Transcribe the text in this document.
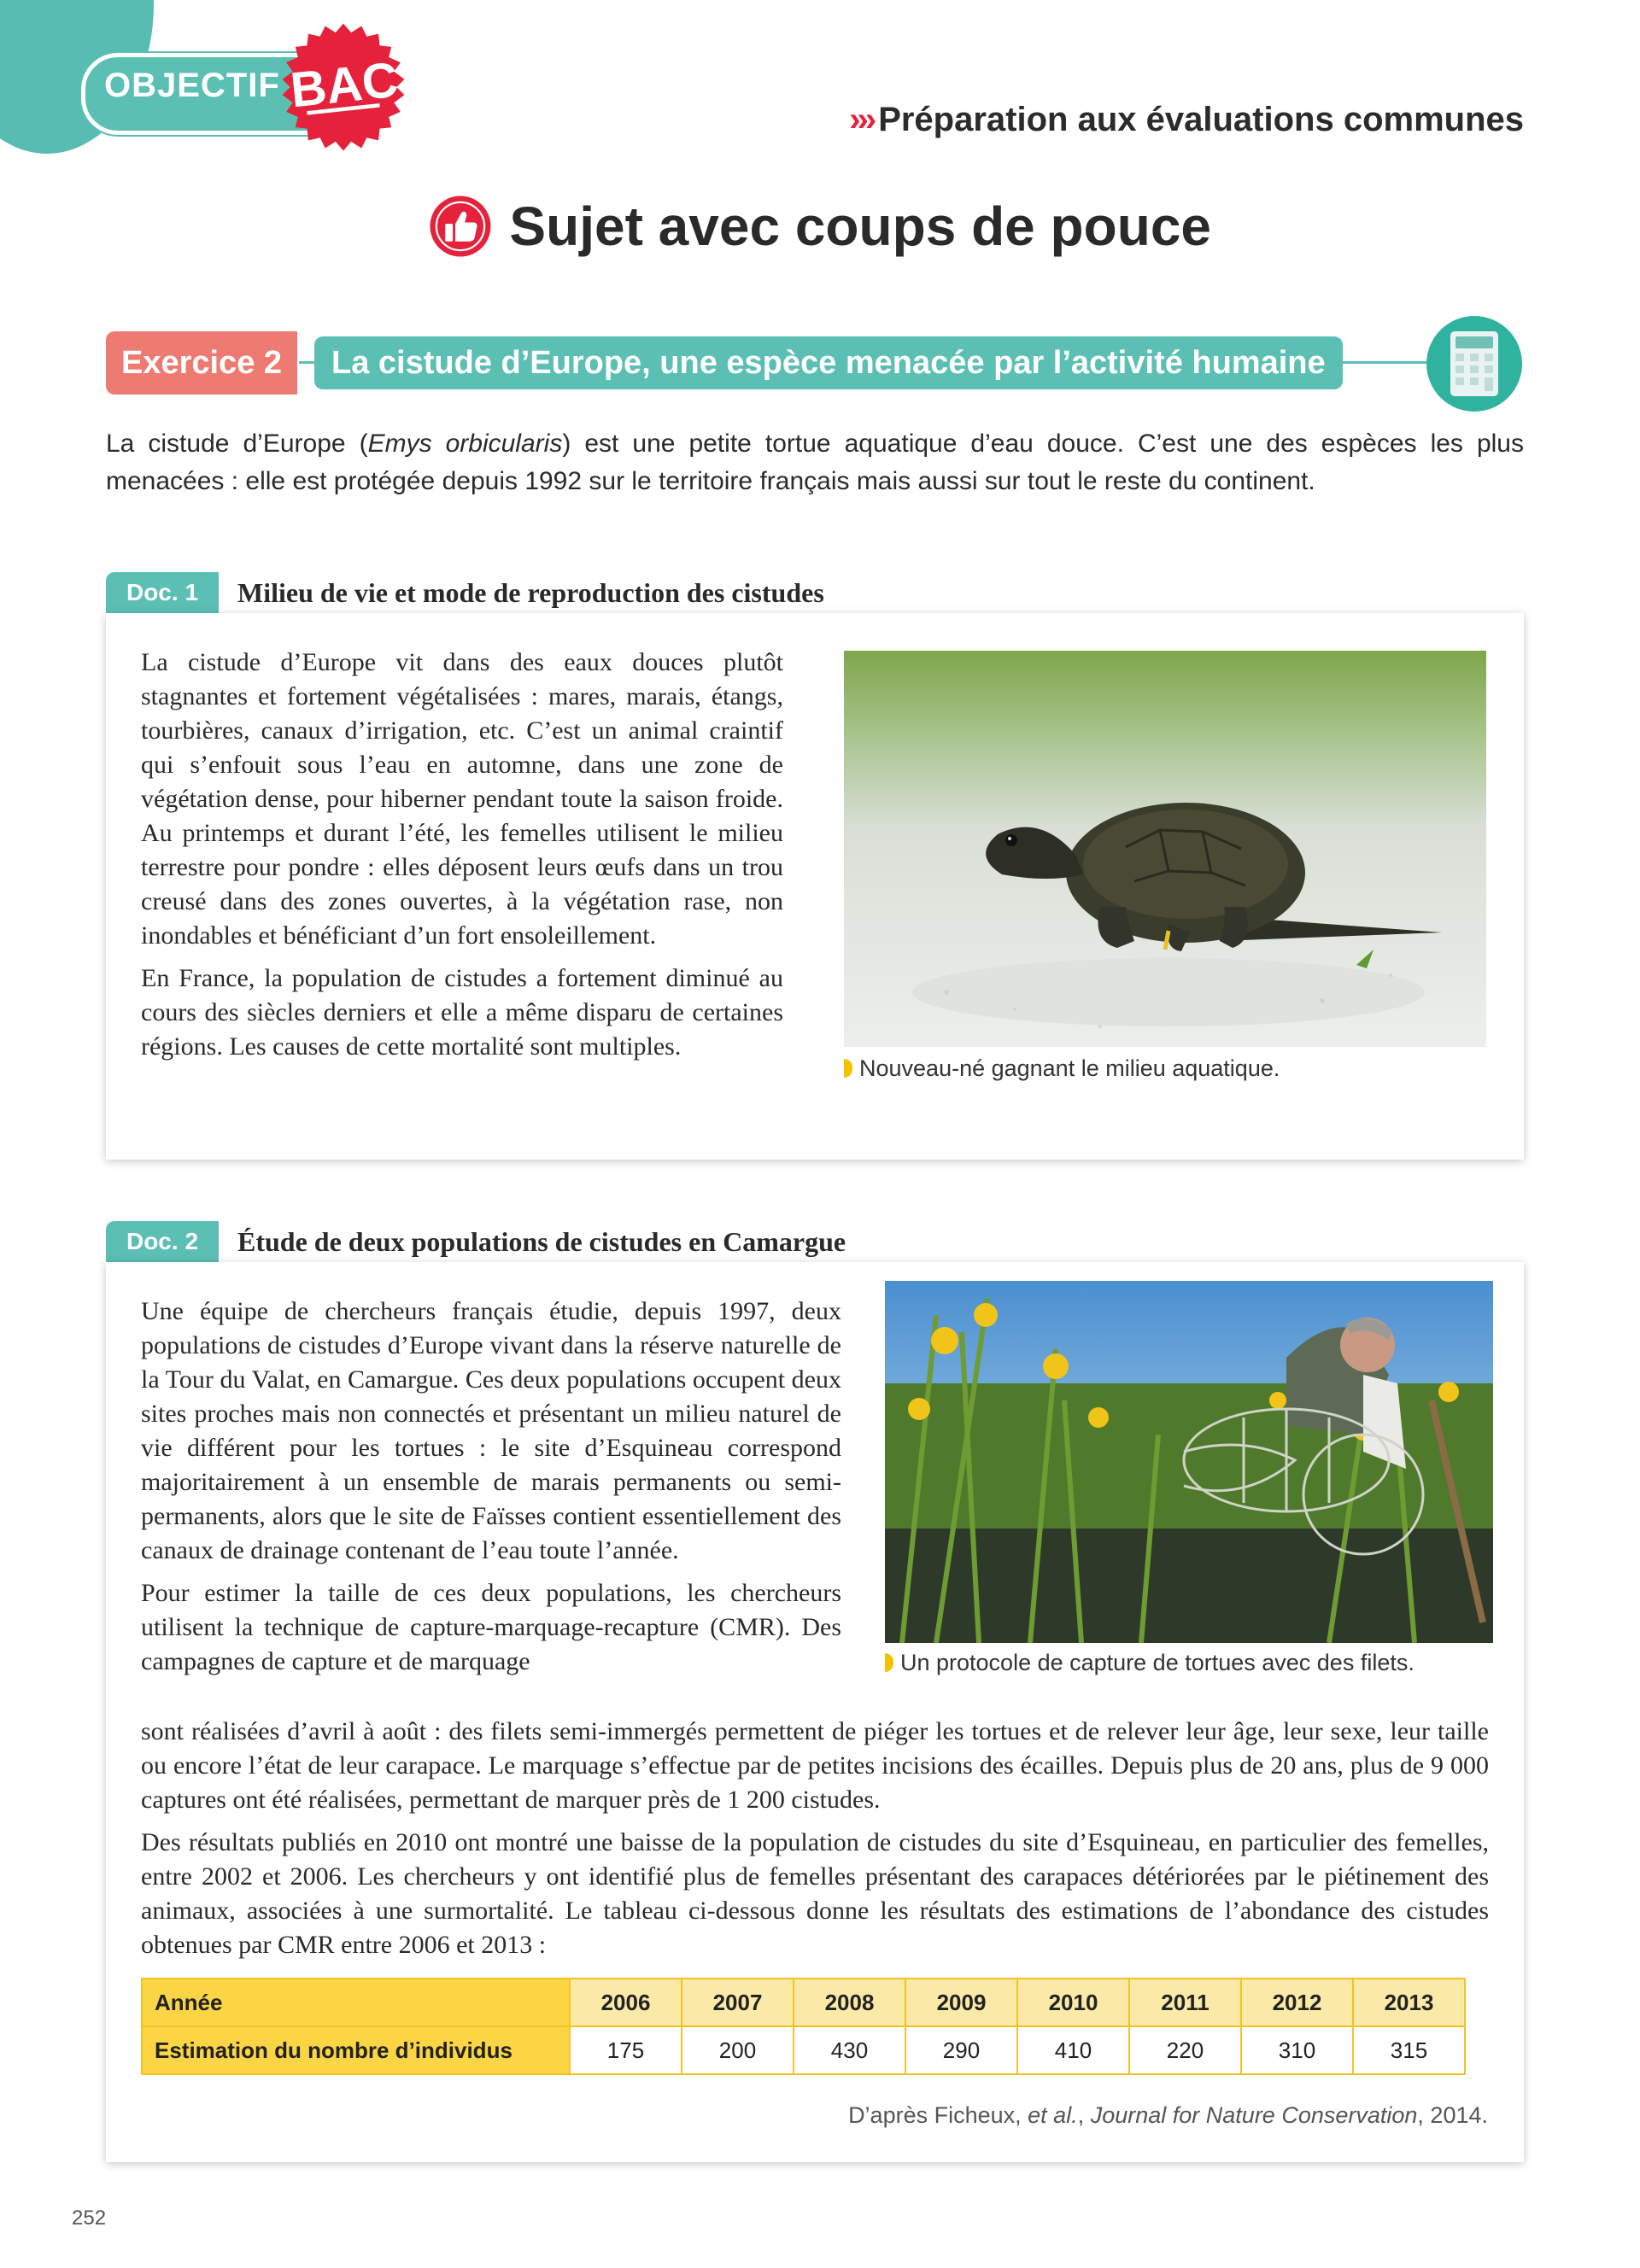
OBJECTIF BAC
››› Préparation aux évaluations communes
Sujet avec coups de pouce
Exercice 2	La cistude d’Europe, une espèce menacée par l’activité humaine
La cistude d’Europe (Emys orbicularis) est une petite tortue aquatique d’eau douce. C’est une des espèces les plus menacées : elle est protégée depuis 1992 sur le territoire français mais aussi sur tout le reste du continent.
Doc. 1	Milieu de vie et mode de reproduction des cistudes

La cistude d’Europe vit dans des eaux douces plutôt stagnantes et fortement végétalisées : mares, marais, étangs, tourbières, canaux d’irrigation, etc. C’est un animal craintif qui s’enfouit sous l’eau en automne, dans une zone de végétation dense, pour hiberner pendant toute la saison froide. Au printemps et durant l’été, les femelles utilisent le milieu terrestre pour pondre : elles déposent leurs œufs dans un trou creusé dans des zones ouvertes, à la végétation rase, non inondables et bénéficiant d’un fort ensoleillement.

En France, la population de cistudes a fortement diminué au cours des siècles derniers et elle a même disparu de certaines régions. Les causes de cette mortalité sont multiples.

Nouveau-né gagnant le milieu aquatique.
Doc. 2	Étude de deux populations de cistudes en Camargue
Un protocole de capture de tortues avec des filets.

Une équipe de chercheurs français étudie, depuis 1997, deux populations de cistudes d’Europe vivant dans la réserve naturelle de la Tour du Valat, en Camargue. Ces deux populations occupent deux sites proches mais non connectés et présentant un milieu naturel de vie différent pour les tortues : le site d’Esquineau correspond majoritairement à un ensemble de marais permanents ou semi-permanents, alors que le site de Faïsses contient essentiellement des canaux de drainage contenant de l’eau toute l’année.

Pour estimer la taille de ces deux populations, les chercheurs utilisent la technique de capture-marquage-recapture (CMR). Des campagnes de capture et de marquage

sont réalisées d’avril à août : des filets semi-immergés permettent de piéger les tortues et de relever leur âge, leur sexe, leur taille ou encore l’état de leur carapace. Le marquage s’effectue par de petites incisions des écailles. Depuis plus de 20 ans, plus de 9 000 captures ont été réalisées, permettant de marquer près de 1 200 cistudes.

Des résultats publiés en 2010 ont montré une baisse de la population de cistudes du site d’Esquineau, en particulier des femelles, entre 2002 et 2006. Les chercheurs y ont identifié plus de femelles présentant des carapaces détériorées par le piétinement des animaux, associées à une surmortalité. Le tableau ci-dessous donne les résultats des estimations de l’abondance des cistudes obtenues par CMR entre 2006 et 2013 :

Année	2006	2007	2008	2009	2010	2011	2012	2013
Estimation du nombre d’individus	175	200	430	290	410	220	310	315
D’après Ficheux, et al., Journal for Nature Conservation, 2014.
252
